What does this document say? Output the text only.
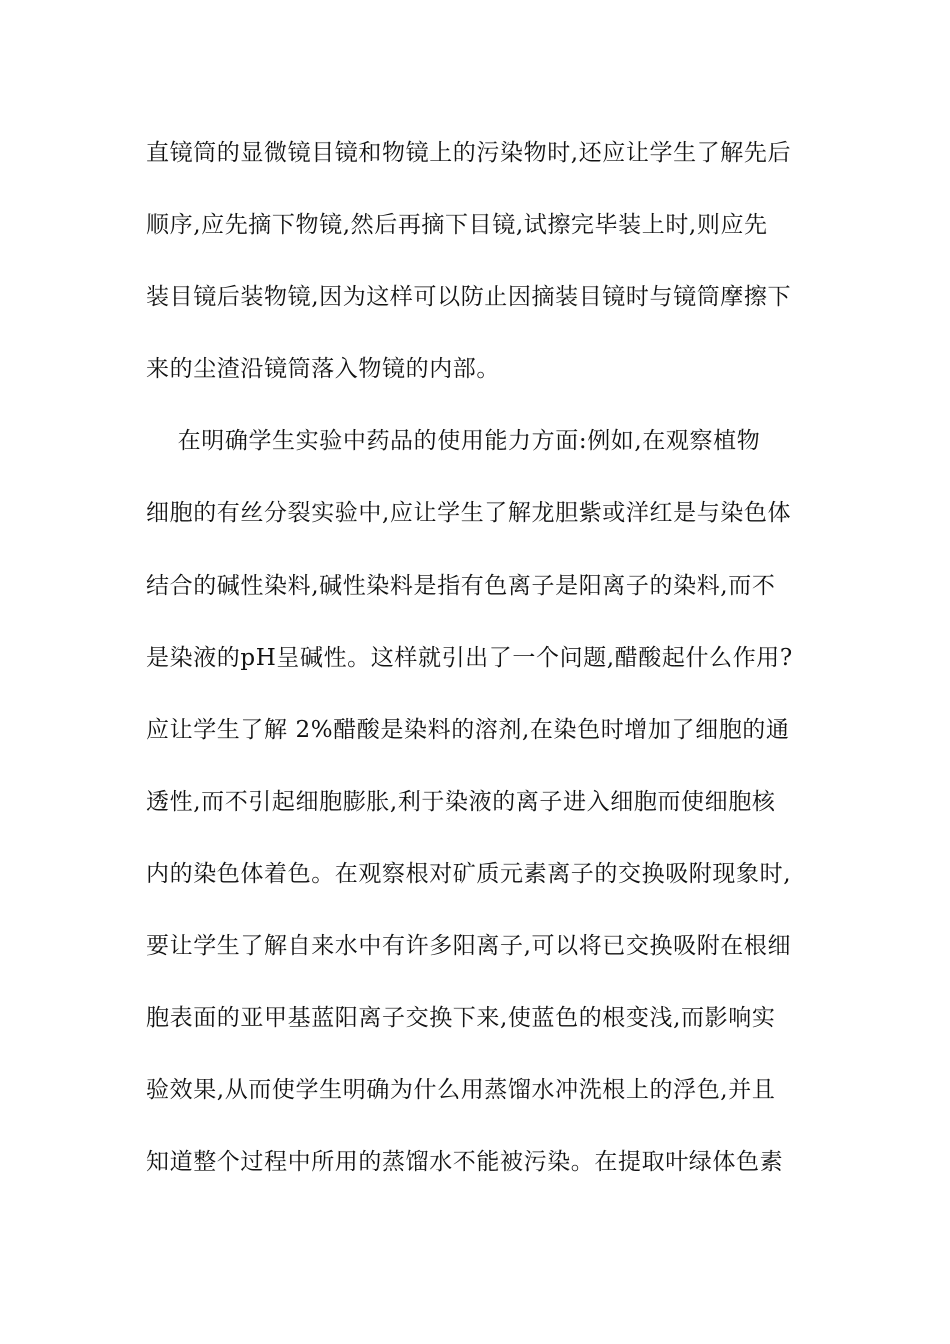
直镜筒的显微镜目镜和物镜上的污染物时,还应让学生了解先后
顺序,应先摘下物镜,然后再摘下目镜,试擦完毕装上时,则应先
装目镜后装物镜,因为这样可以防止因摘装目镜时与镜筒摩擦下
来的尘渣沿镜筒落入物镜的内部。
在明确学生实验中药品的使用能力方面:例如,在观察植物
细胞的有丝分裂实验中,应让学生了解龙胆紫或洋红是与染色体
结合的碱性染料,碱性染料是指有色离子是阳离子的染料,而不
是染液的pH呈碱性。这样就引出了一个问题,醋酸起什么作用?
应让学生了解 2%醋酸是染料的溶剂,在染色时增加了细胞的通
透性,而不引起细胞膨胀,利于染液的离子进入细胞而使细胞核
内的染色体着色。在观察根对矿质元素离子的交换吸附现象时,
要让学生了解自来水中有许多阳离子,可以将已交换吸附在根细
胞表面的亚甲基蓝阳离子交换下来,使蓝色的根变浅,而影响实
验效果,从而使学生明确为什么用蒸馏水冲洗根上的浮色,并且
知道整个过程中所用的蒸馏水不能被污染。在提取叶绿体色素
